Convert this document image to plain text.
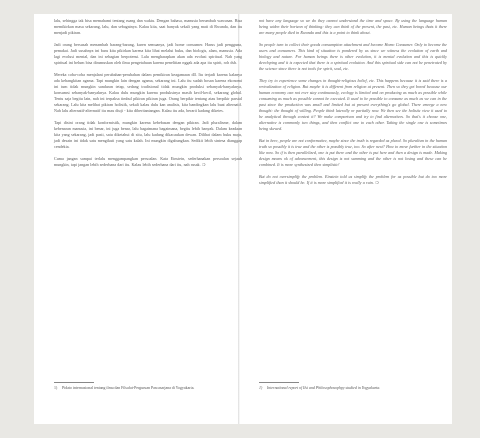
lalu, sehingga tak bisa memahami tentang ruang dan waktu. Dengan bahasa, manusia berumbuh wawasan. Bisa memikirkan masa sekarang, lalu, dan sebagainya. Kalau kita, saat banyak sekali yang mati di Rwanda, dan itu menjadi pikiran.

Jadi orang bersusah menambah barang-barang, karen semuanya, jadi home consumer. Harus jadi pengguna, pemakai. Jadi susahnya ini baru kita pikirkan karena kita lihat melalui buku, dan biologis, alam, manusia. Ada lagi evolusi mental, dan ini sebagian berpotensi. Lalu mengharapkan akan ada evolusi spiritual. Nah yang spiritual ini belum bisa dirumuskan oleh ilmu pengetahuan karena penelitian nggak ada apa itu spirit, roh dsb.

Mereka coba-coba menjalani perubahan-perubahan dalam pemikiran keagamaan dll. Itu terjadi karena kalanya ada kebangkitan agama. Tapi mungkin lain dengan agama, sekarang ini. Lalu itu sudah bosan karena ekonomi ini tum tidak mungkin sandaran tetap, sedang tradisional tidak mungkin produksi sebanyak-banyaknya, konsumsi sebanyak-banyaknya. Kalau dulu mungkin karena produksinya masih kecil-kecil, sekarang global. Tentu saja begitu lain, nah ini terpaksa timbul pikiran pikiran juga. Orang berpikir tentang atau berpikir parsial sekarang. Lalu kita melihat pikiran holistik, sekali kalau dulu kan analisis, kita bandingkan lalu buat alternatif. Nah lalu alternatif-alternatif itu mau diuji - kita diberitantangan. Kalau itu ada, berarti kadang diketes.

Tapi disini orang tidak konformistik, mungkin karena kebebasan dengan pikiran. Jadi pluralisme, dalam kebenaran manusia, ini benar, ini juga benar, lalu bagaimana bagaimana, begitu lebih banyak. Dalam keadaan kita yang sekarang, jadi pasti, satu diketahui di situ, lalu kadang dikacaukan dewan. Dilihat dalam buku maju, jadi desain ini tidak satu mengikuti yang satu kalah. Ini mungkin digabungkan. Sedikit lebih sintesa dianggap cendekia.

Cuma jangan sampai terlalu menggampangkan persoalan. Kata Einstein, sederhanakan persoalan sejauh mungkin, tapi jangan lebih sederhana dari itu. Kalau lebih sederhana dari itu, nah rusak. ❍

not have any language so we do they cannot understand the time and space. By using the language human being widen their horizon of thinking: they can think of the present, the past, etc. Human beings thats it there are many people died in Rwanda and this is a point to think about.

So people turn to collect their goods consumption attachment and become Homo Consumer. Only to become the users and consumers. This kind of situation is pondered by us since we witness the evolution of earth and biology and nature. For human beings there is other evolution, it is mental evolution and this is quickly developing and it is expected that there is a spiritual evolution. And this spiritual side can not be penetrated by the science since there is not tools for spirit, soul, etc.

They try to experience some changes in thought-religious belief, etc. This happens because it is said there is a revivalization of religion. But maybe it is different from religion at present. Then so they get bored because our human economy can not ever stay continuously, ecology is limited and on producing as much as possible while consuming as much as possible cannot be executed. It used to be possible to consume as much as we can in the past since the production was small and limited but at present everything's go global. There emerge a new thought: the thought of willing. People think laterally or partially now. We then see the holistic view it used to be analytical through contest it? We make comparison and try to find alternatives. So that's it choose one, alternative is commonly two things, and then conflict one to each other. Taking the single one is sometimes being skewed.

But in here, people are not conformative, maybe since the truth is regarded as plural. So pluralism in the human truth so possibly it is true and the other is possibly true, too. So after next? How to move further in the situation like now. So if is then parallelized, one is put there and the other is put here and then a design is made. Making design means ok of advancement, this design is not summing and the other is not losing and these can be combined. It is more synthesized then simplistic!

But do not oversimplify the problem. Einstein told us simplify the problem for as possible but do too more simplified than it should be. If it is more simplified it is really a ruin. ❍

1)	Pidato internasional tentang ilmu dan Filsafat-Perguruan Pascasarjana di Yogyakarta.	1)	International report of Ilsi and Philosophosophpy studied in Yogyakarta.
